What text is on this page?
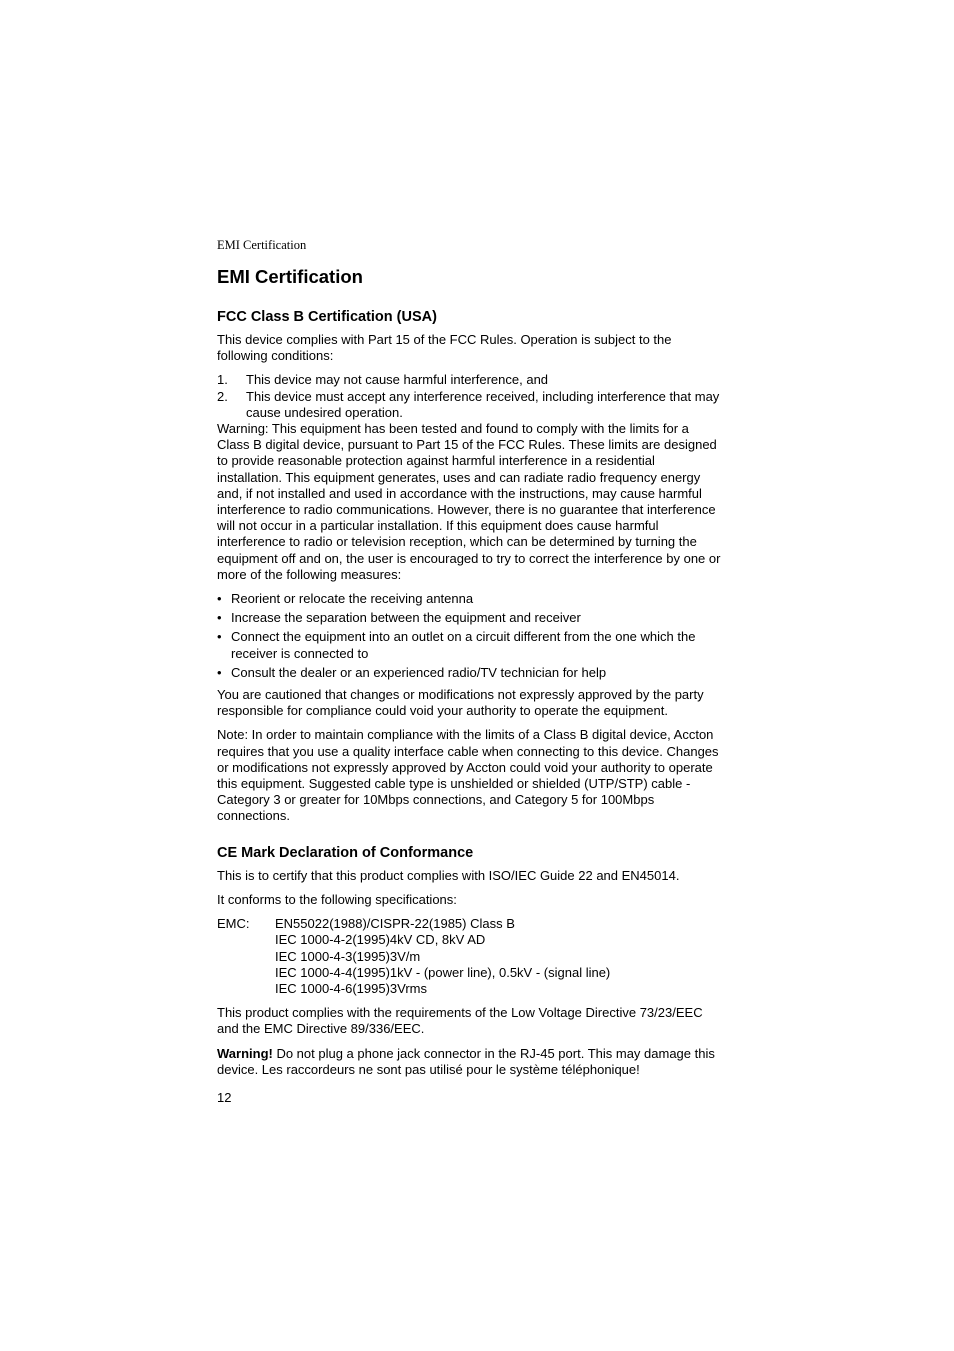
EMI Certification

EMI Certification
FCC Class B Certification (USA)

This device complies with Part 15 of the FCC Rules. Operation is subject to the following conditions:

1. This device may not cause harmful interference, and
2. This device must accept any interference received, including interference that may cause undesired operation.

Warning: This equipment has been tested and found to comply with the limits for a Class B digital device, pursuant to Part 15 of the FCC Rules. These limits are designed to provide reasonable protection against harmful interference in a residential installation. This equipment generates, uses and can radiate radio frequency energy and, if not installed and used in accordance with the instructions, may cause harmful interference to radio communications. However, there is no guarantee that interference will not occur in a particular installation. If this equipment does cause harmful interference to radio or television reception, which can be determined by turning the equipment off and on, the user is encouraged to try to correct the interference by one or more of the following measures:

• Reorient or relocate the receiving antenna
• Increase the separation between the equipment and receiver
• Connect the equipment into an outlet on a circuit different from the one which the receiver is connected to
• Consult the dealer or an experienced radio/TV technician for help

You are cautioned that changes or modifications not expressly approved by the party responsible for compliance could void your authority to operate the equipment.

Note: In order to maintain compliance with the limits of a Class B digital device, Accton requires that you use a quality interface cable when connecting to this device. Changes or modifications not expressly approved by Accton could void your authority to operate this equipment. Suggested cable type is unshielded or shielded (UTP/STP) cable - Category 3 or greater for 10Mbps connections, and Category 5 for 100Mbps connections.

CE Mark Declaration of Conformance

This is to certify that this product complies with ISO/IEC Guide 22 and EN45014.

It conforms to the following specifications:

EMC:	EN55022(1988)/CISPR-22(1985) Class B
IEC 1000-4-2(1995)4kV CD, 8kV AD
IEC 1000-4-3(1995)3V/m
IEC 1000-4-4(1995)1kV - (power line), 0.5kV - (signal line)
IEC 1000-4-6(1995)3Vrms

This product complies with the requirements of the Low Voltage Directive 73/23/EEC and the EMC Directive 89/336/EEC.

Warning! Do not plug a phone jack connector in the RJ-45 port. This may damage this device. Les raccordeurs ne sont pas utilisé pour le système téléphonique!

12
